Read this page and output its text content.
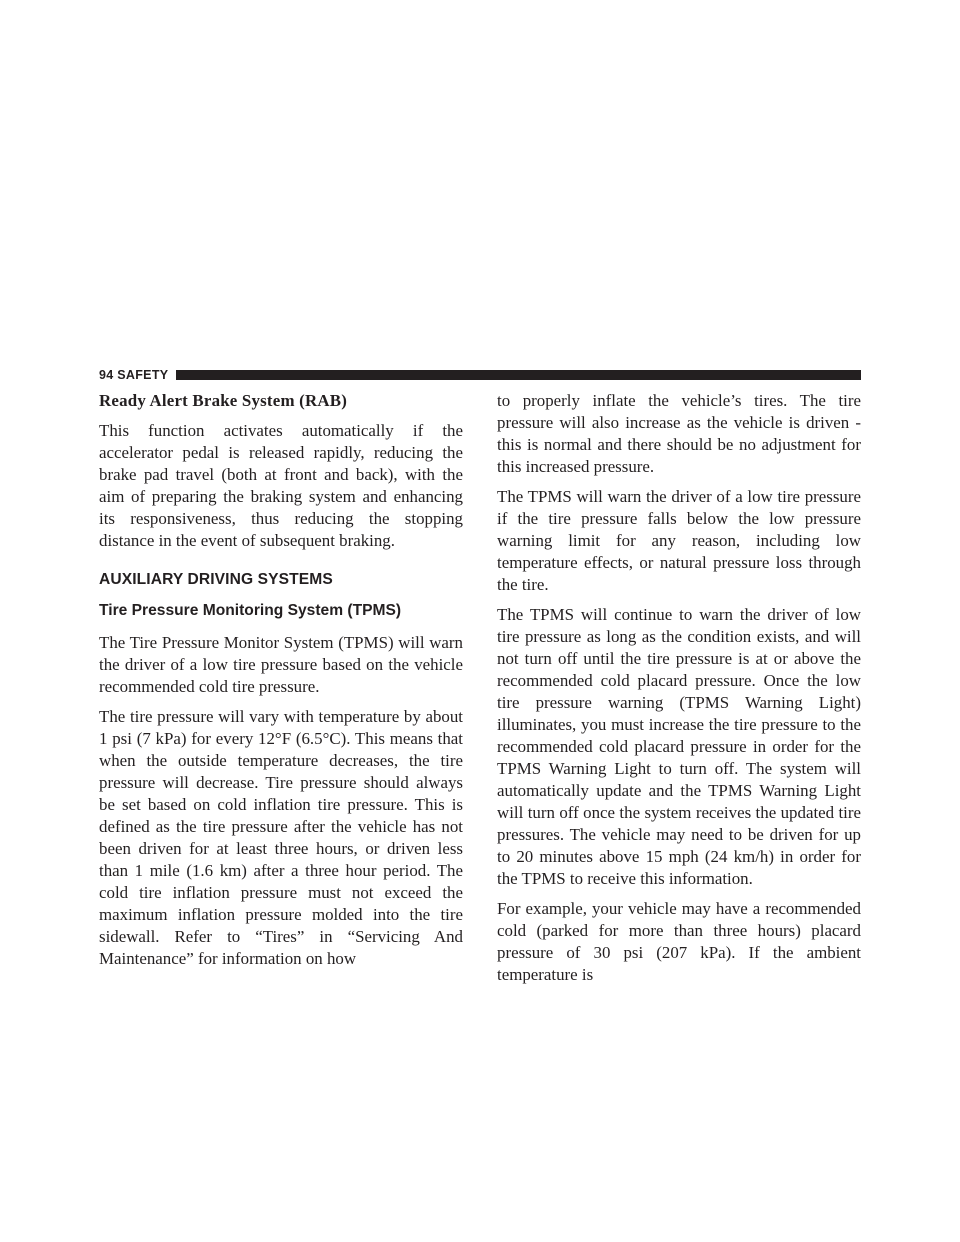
94 SAFETY

Ready Alert Brake System (RAB)

This function activates automatically if the accelerator pedal is released rapidly, reducing the brake pad travel (both at front and back), with the aim of preparing the braking system and enhancing its responsiveness, thus reducing the stopping distance in the event of subsequent braking.

AUXILIARY DRIVING SYSTEMS
Tire Pressure Monitoring System (TPMS)

The Tire Pressure Monitor System (TPMS) will warn the driver of a low tire pressure based on the vehicle recommended cold tire pressure.

The tire pressure will vary with temperature by about 1 psi (7 kPa) for every 12°F (6.5°C). This means that when the outside temperature decreases, the tire pressure will decrease. Tire pressure should always be set based on cold inflation tire pressure. This is defined as the tire pressure after the vehicle has not been driven for at least three hours, or driven less than 1 mile (1.6 km) after a three hour period. The cold tire inflation pressure must not exceed the maximum inflation pressure molded into the tire sidewall. Refer to “Tires” in “Servicing And Maintenance” for information on how

to properly inflate the vehicle’s tires. The tire pressure will also increase as the vehicle is driven - this is normal and there should be no adjustment for this increased pressure.

The TPMS will warn the driver of a low tire pressure if the tire pressure falls below the low pressure warning limit for any reason, including low temperature effects, or natural pressure loss through the tire.

The TPMS will continue to warn the driver of low tire pressure as long as the condition exists, and will not turn off until the tire pressure is at or above the recommended cold placard pressure. Once the low tire pressure warning (TPMS Warning Light) illuminates, you must increase the tire pressure to the recommended cold placard pressure in order for the TPMS Warning Light to turn off. The system will automatically update and the TPMS Warning Light will turn off once the system receives the updated tire pressures. The vehicle may need to be driven for up to 20 minutes above 15 mph (24 km/h) in order for the TPMS to receive this information.

For example, your vehicle may have a recommended cold (parked for more than three hours) placard pressure of 30 psi (207 kPa). If the ambient temperature is
